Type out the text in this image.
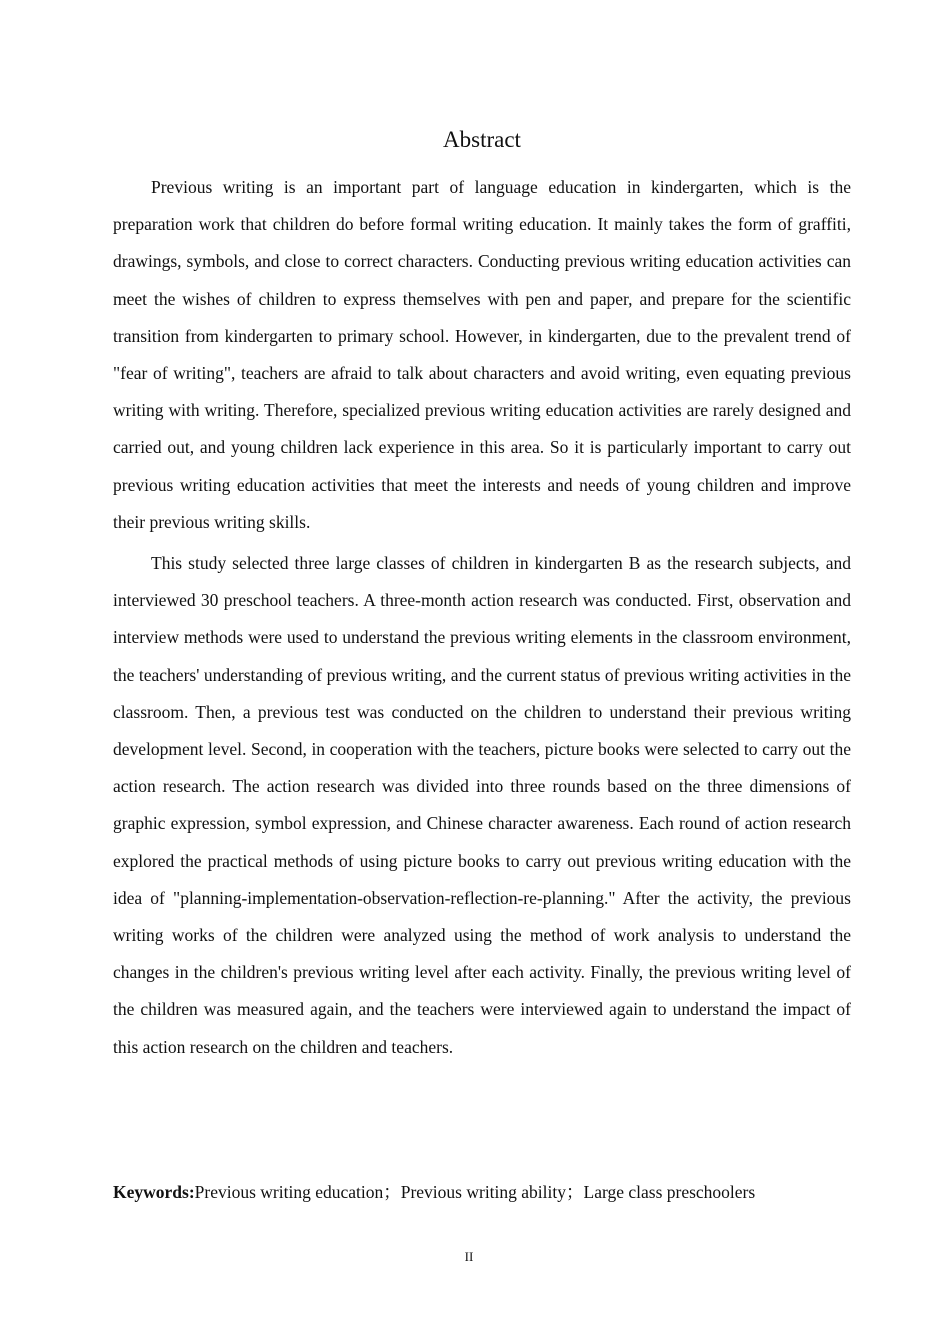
Abstract

Previous writing is an important part of language education in kindergarten, which is the preparation work that children do before formal writing education. It mainly takes the form of graffiti, drawings, symbols, and close to correct characters. Conducting previous writing education activities can meet the wishes of children to express themselves with pen and paper, and prepare for the scientific transition from kindergarten to primary school. However, in kindergarten, due to the prevalent trend of "fear of writing", teachers are afraid to talk about characters and avoid writing, even equating previous writing with writing. Therefore, specialized previous writing education activities are rarely designed and carried out, and young children lack experience in this area. So it is particularly important to carry out previous writing education activities that meet the interests and needs of young children and improve their previous writing skills.

This study selected three large classes of children in kindergarten B as the research subjects, and interviewed 30 preschool teachers. A three-month action research was conducted. First, observation and interview methods were used to understand the previous writing elements in the classroom environment, the teachers' understanding of previous writing, and the current status of previous writing activities in the classroom. Then, a previous test was conducted on the children to understand their previous writing development level. Second, in cooperation with the teachers, picture books were selected to carry out the action research. The action research was divided into three rounds based on the three dimensions of graphic expression, symbol expression, and Chinese character awareness. Each round of action research explored the practical methods of using picture books to carry out previous writing education with the idea of "planning-implementation-observation-reflection-re-planning." After the activity, the previous writing works of the children were analyzed using the method of work analysis to understand the changes in the children's previous writing level after each activity. Finally, the previous writing level of the children was measured again, and the teachers were interviewed again to understand the impact of this action research on the children and teachers.

Keywords:Previous writing education；Previous writing ability；Large class preschoolers
II
